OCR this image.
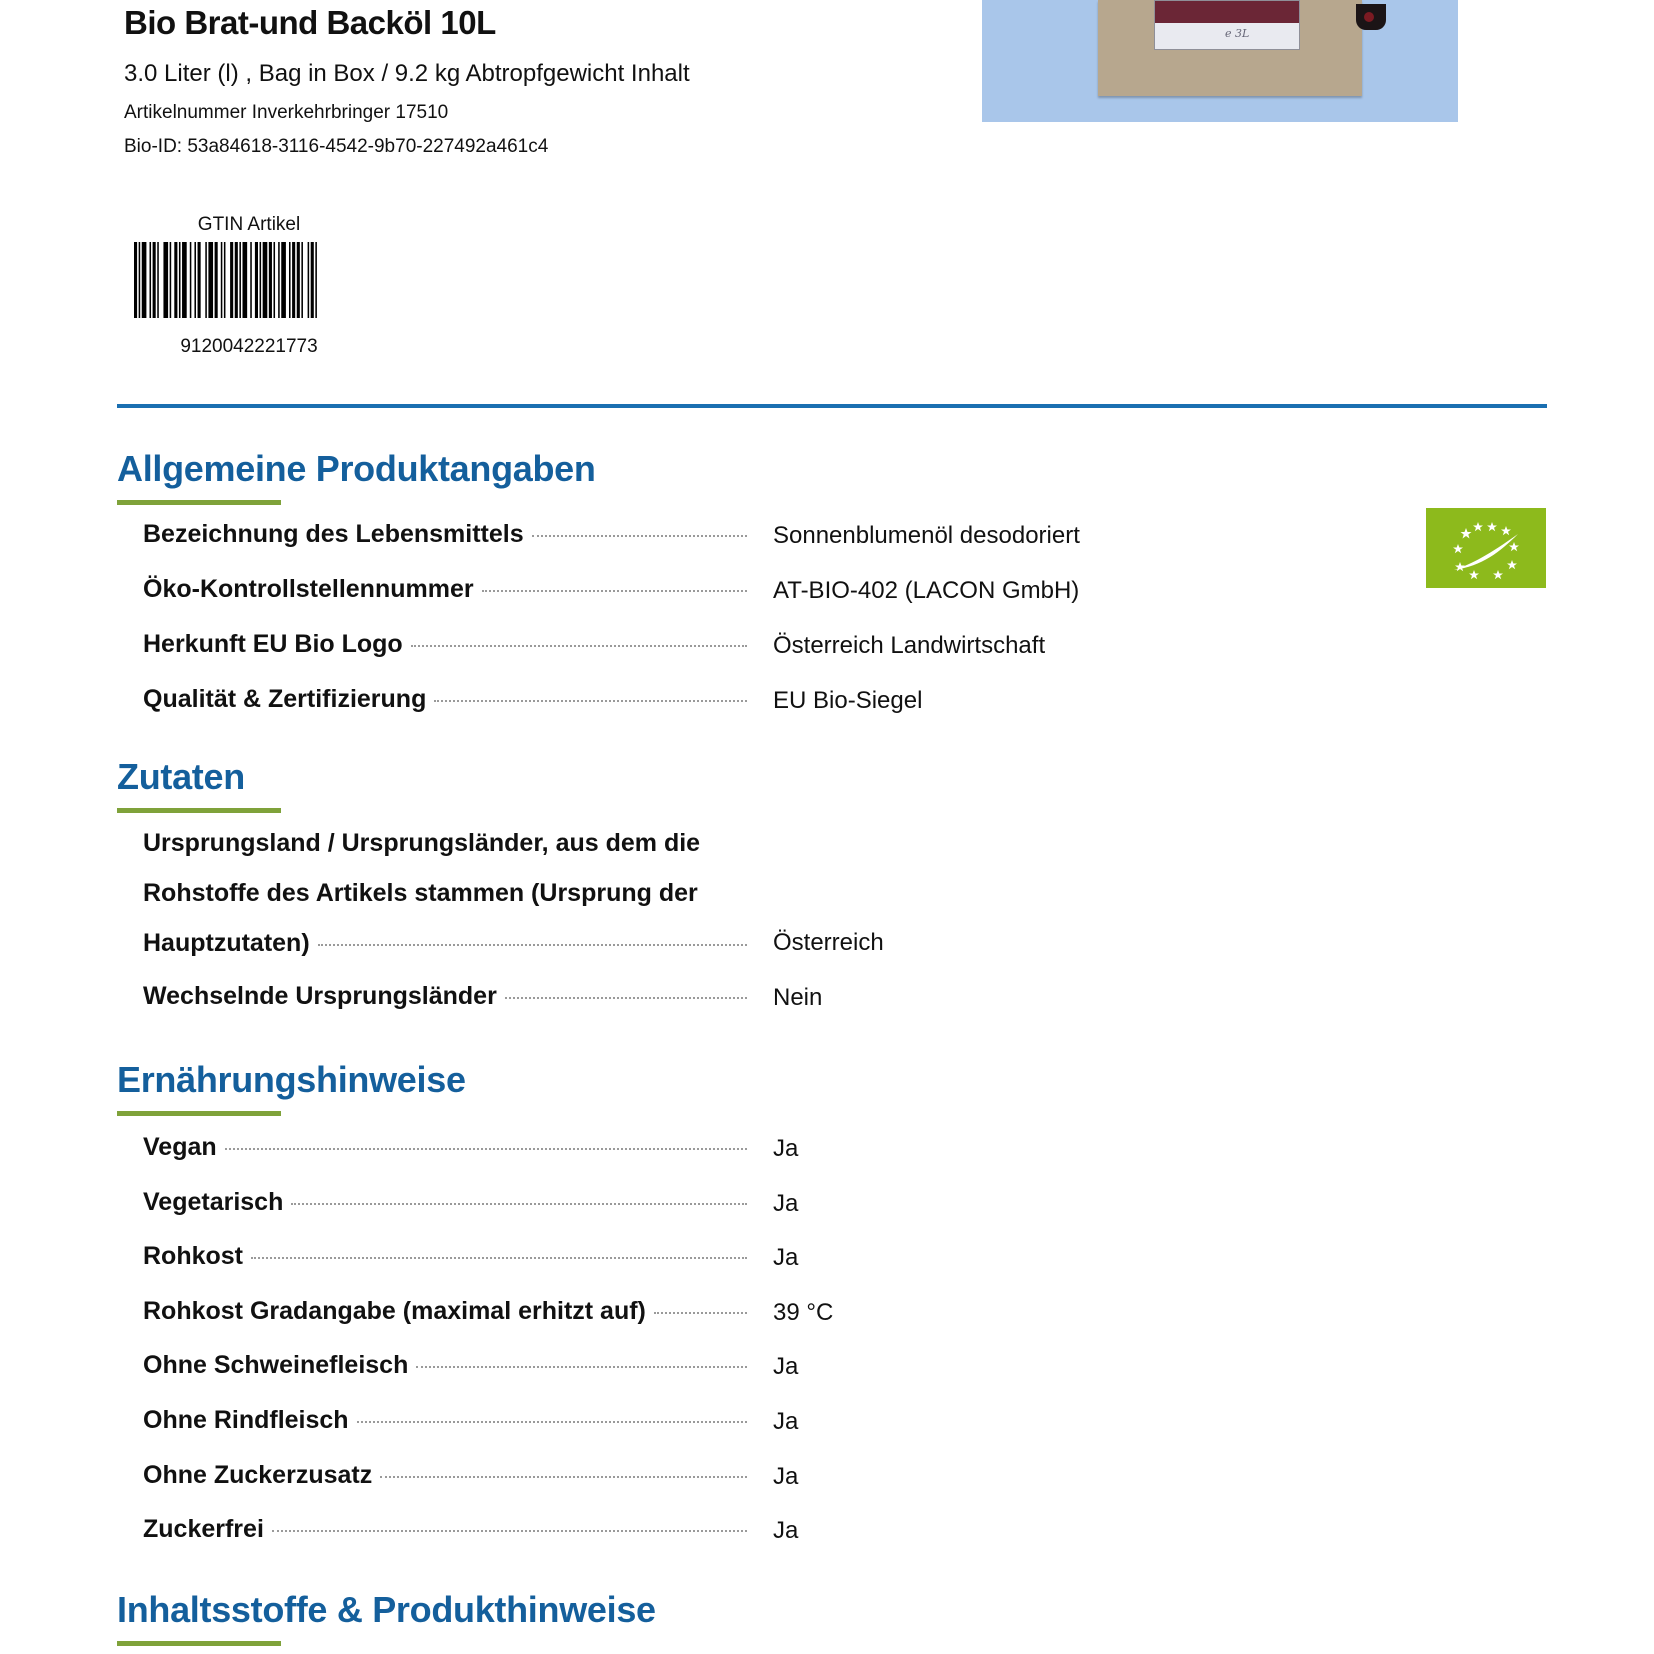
Bio Brat-und Backöl 10L
3.0 Liter (l) , Bag in Box / 9.2 kg Abtropfgewicht Inhalt
Artikelnummer Inverkehrbringer 17510
Bio-ID: 53a84618-3116-4542-9b70-227492a461c4
e 3L
GTIN Artikel
9120042221773
Allgemeine Produktangaben
Bezeichnung des Lebensmittels	Sonnenblumenöl desodoriert
Öko-Kontrollstellennummer	AT-BIO-402 (LACON GmbH)
Herkunft EU Bio Logo	Österreich Landwirtschaft
Qualität & Zertifizierung	EU Bio-Siegel
Zutaten
Ursprungsland / Ursprungsländer, aus dem die
Rohstoffe des Artikels stammen (Ursprung der
Hauptzutaten)	Österreich
Wechselnde Ursprungsländer	Nein
Ernährungshinweise
Vegan	Ja
Vegetarisch	Ja
Rohkost	Ja
Rohkost Gradangabe (maximal erhitzt auf)	39 °C
Ohne Schweinefleisch	Ja
Ohne Rindfleisch	Ja
Ohne Zuckerzusatz	Ja
Zuckerfrei	Ja
Inhaltsstoffe & Produkthinweise
